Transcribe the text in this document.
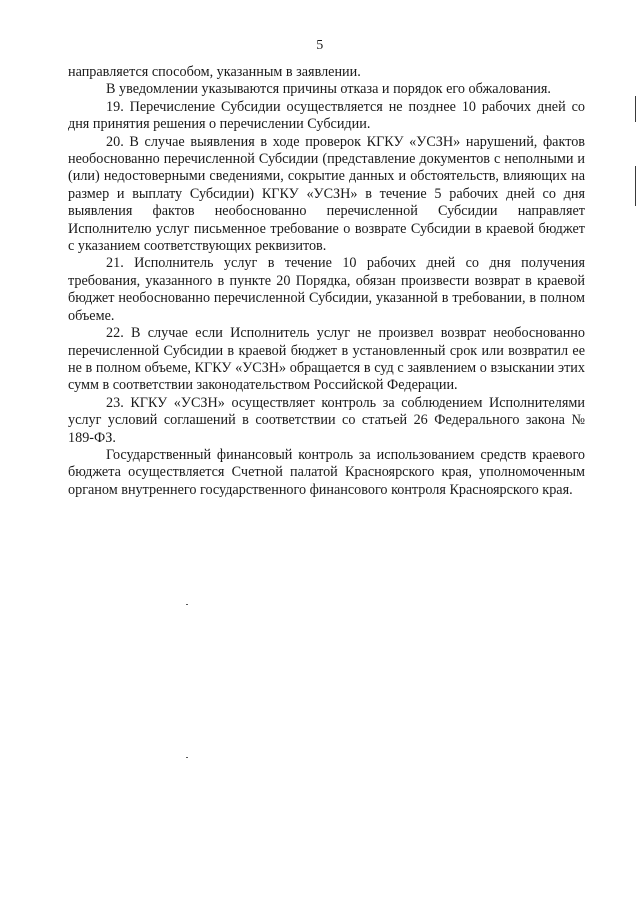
5

направляется способом, указанным в заявлении.

В уведомлении указываются причины отказа и порядок его обжалования.

19. Перечисление Субсидии осуществляется не позднее 10 рабочих дней со дня принятия решения о перечислении Субсидии.

20. В случае выявления в ходе проверок КГКУ «УСЗН» нарушений, фактов необоснованно перечисленной Субсидии (представление документов с неполными и (или) недостоверными сведениями, сокрытие данных и обстоятельств, влияющих на размер и выплату Субсидии) КГКУ «УСЗН» в течение 5 рабочих дней со дня выявления фактов необоснованно перечисленной Субсидии направляет Исполнителю услуг письменное требование о возврате Субсидии в краевой бюджет с указанием соответствующих реквизитов.

21. Исполнитель услуг в течение 10 рабочих дней со дня получения требования, указанного в пункте 20 Порядка, обязан произвести возврат в краевой бюджет необоснованно перечисленной Субсидии, указанной в требовании, в полном объеме.

22. В случае если Исполнитель услуг не произвел возврат необоснованно перечисленной Субсидии в краевой бюджет в установленный срок или возвратил ее не в полном объеме, КГКУ «УСЗН» обращается в суд с заявлением о взыскании этих сумм в соответствии законодательством Российской Федерации.

23. КГКУ «УСЗН» осуществляет контроль за соблюдением Исполнителями услуг условий соглашений в соответствии со статьей 26 Федерального закона № 189-ФЗ.

Государственный финансовый контроль за использованием средств краевого бюджета осуществляется Счетной палатой Красноярского края, уполномоченным органом внутреннего государственного финансового контроля Красноярского края.
